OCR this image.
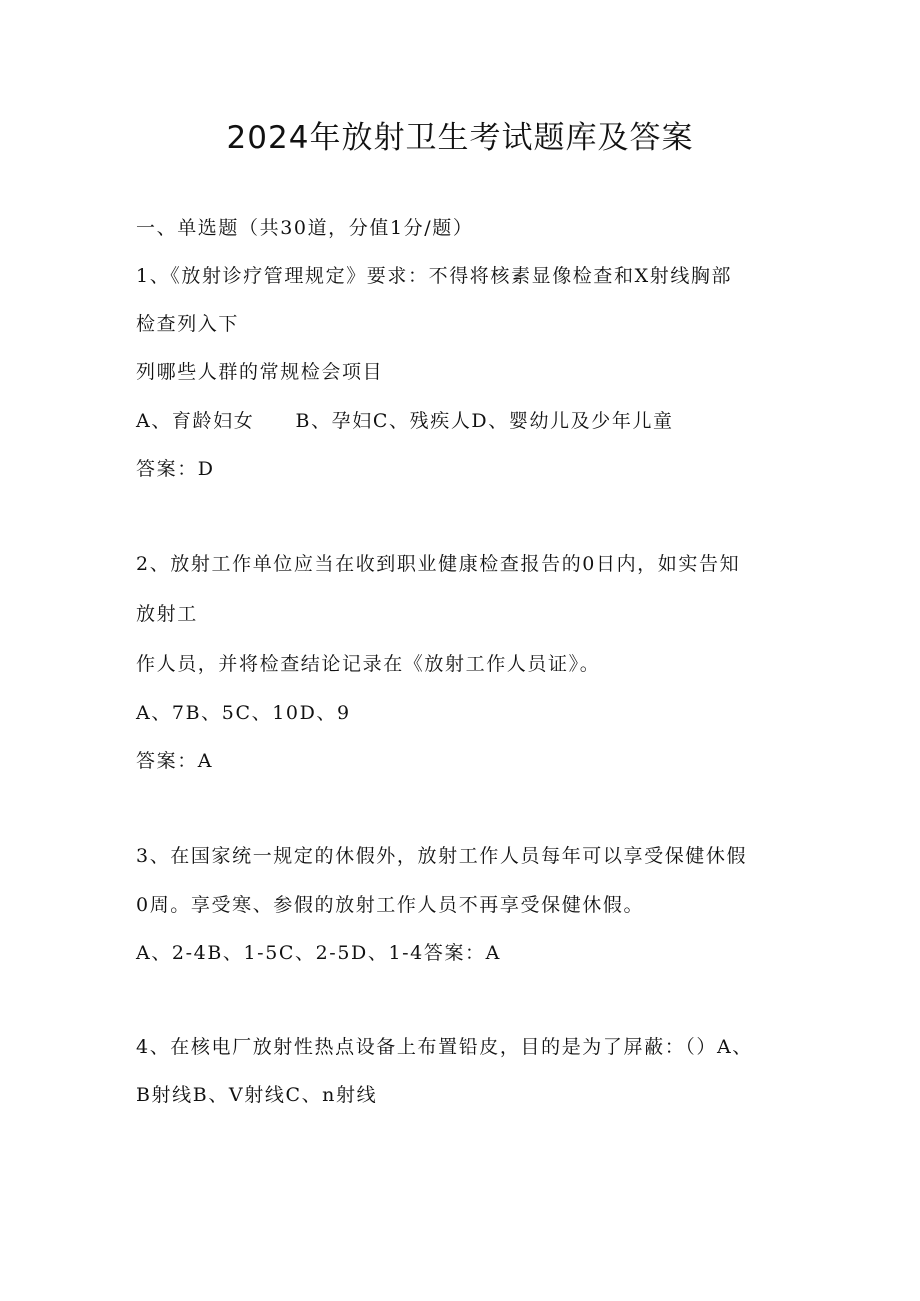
2024年放射卫生考试题库及答案
一、单选题（共30道，分值1分/题）
1、《放射诊疗管理规定》要求：不得将核素显像检查和X射线胸部
检查列入下
列哪些人群的常规检会项目
A、育龄妇女　　B、孕妇C、残疾人D、婴幼儿及少年儿童
答案：D
2、放射工作单位应当在收到职业健康检查报告的0日内，如实告知
放射工
作人员，并将检查结论记录在《放射工作人员证》。
A、7B、5C、10D、9
答案：A
3、在国家统一规定的休假外，放射工作人员每年可以享受保健休假
0周。享受寒、参假的放射工作人员不再享受保健休假。
A、2-4B、1-5C、2-5D、1-4答案：A
4、在核电厂放射性热点设备上布置铅皮，目的是为了屏蔽：（）A、
B射线B、V射线C、n射线
